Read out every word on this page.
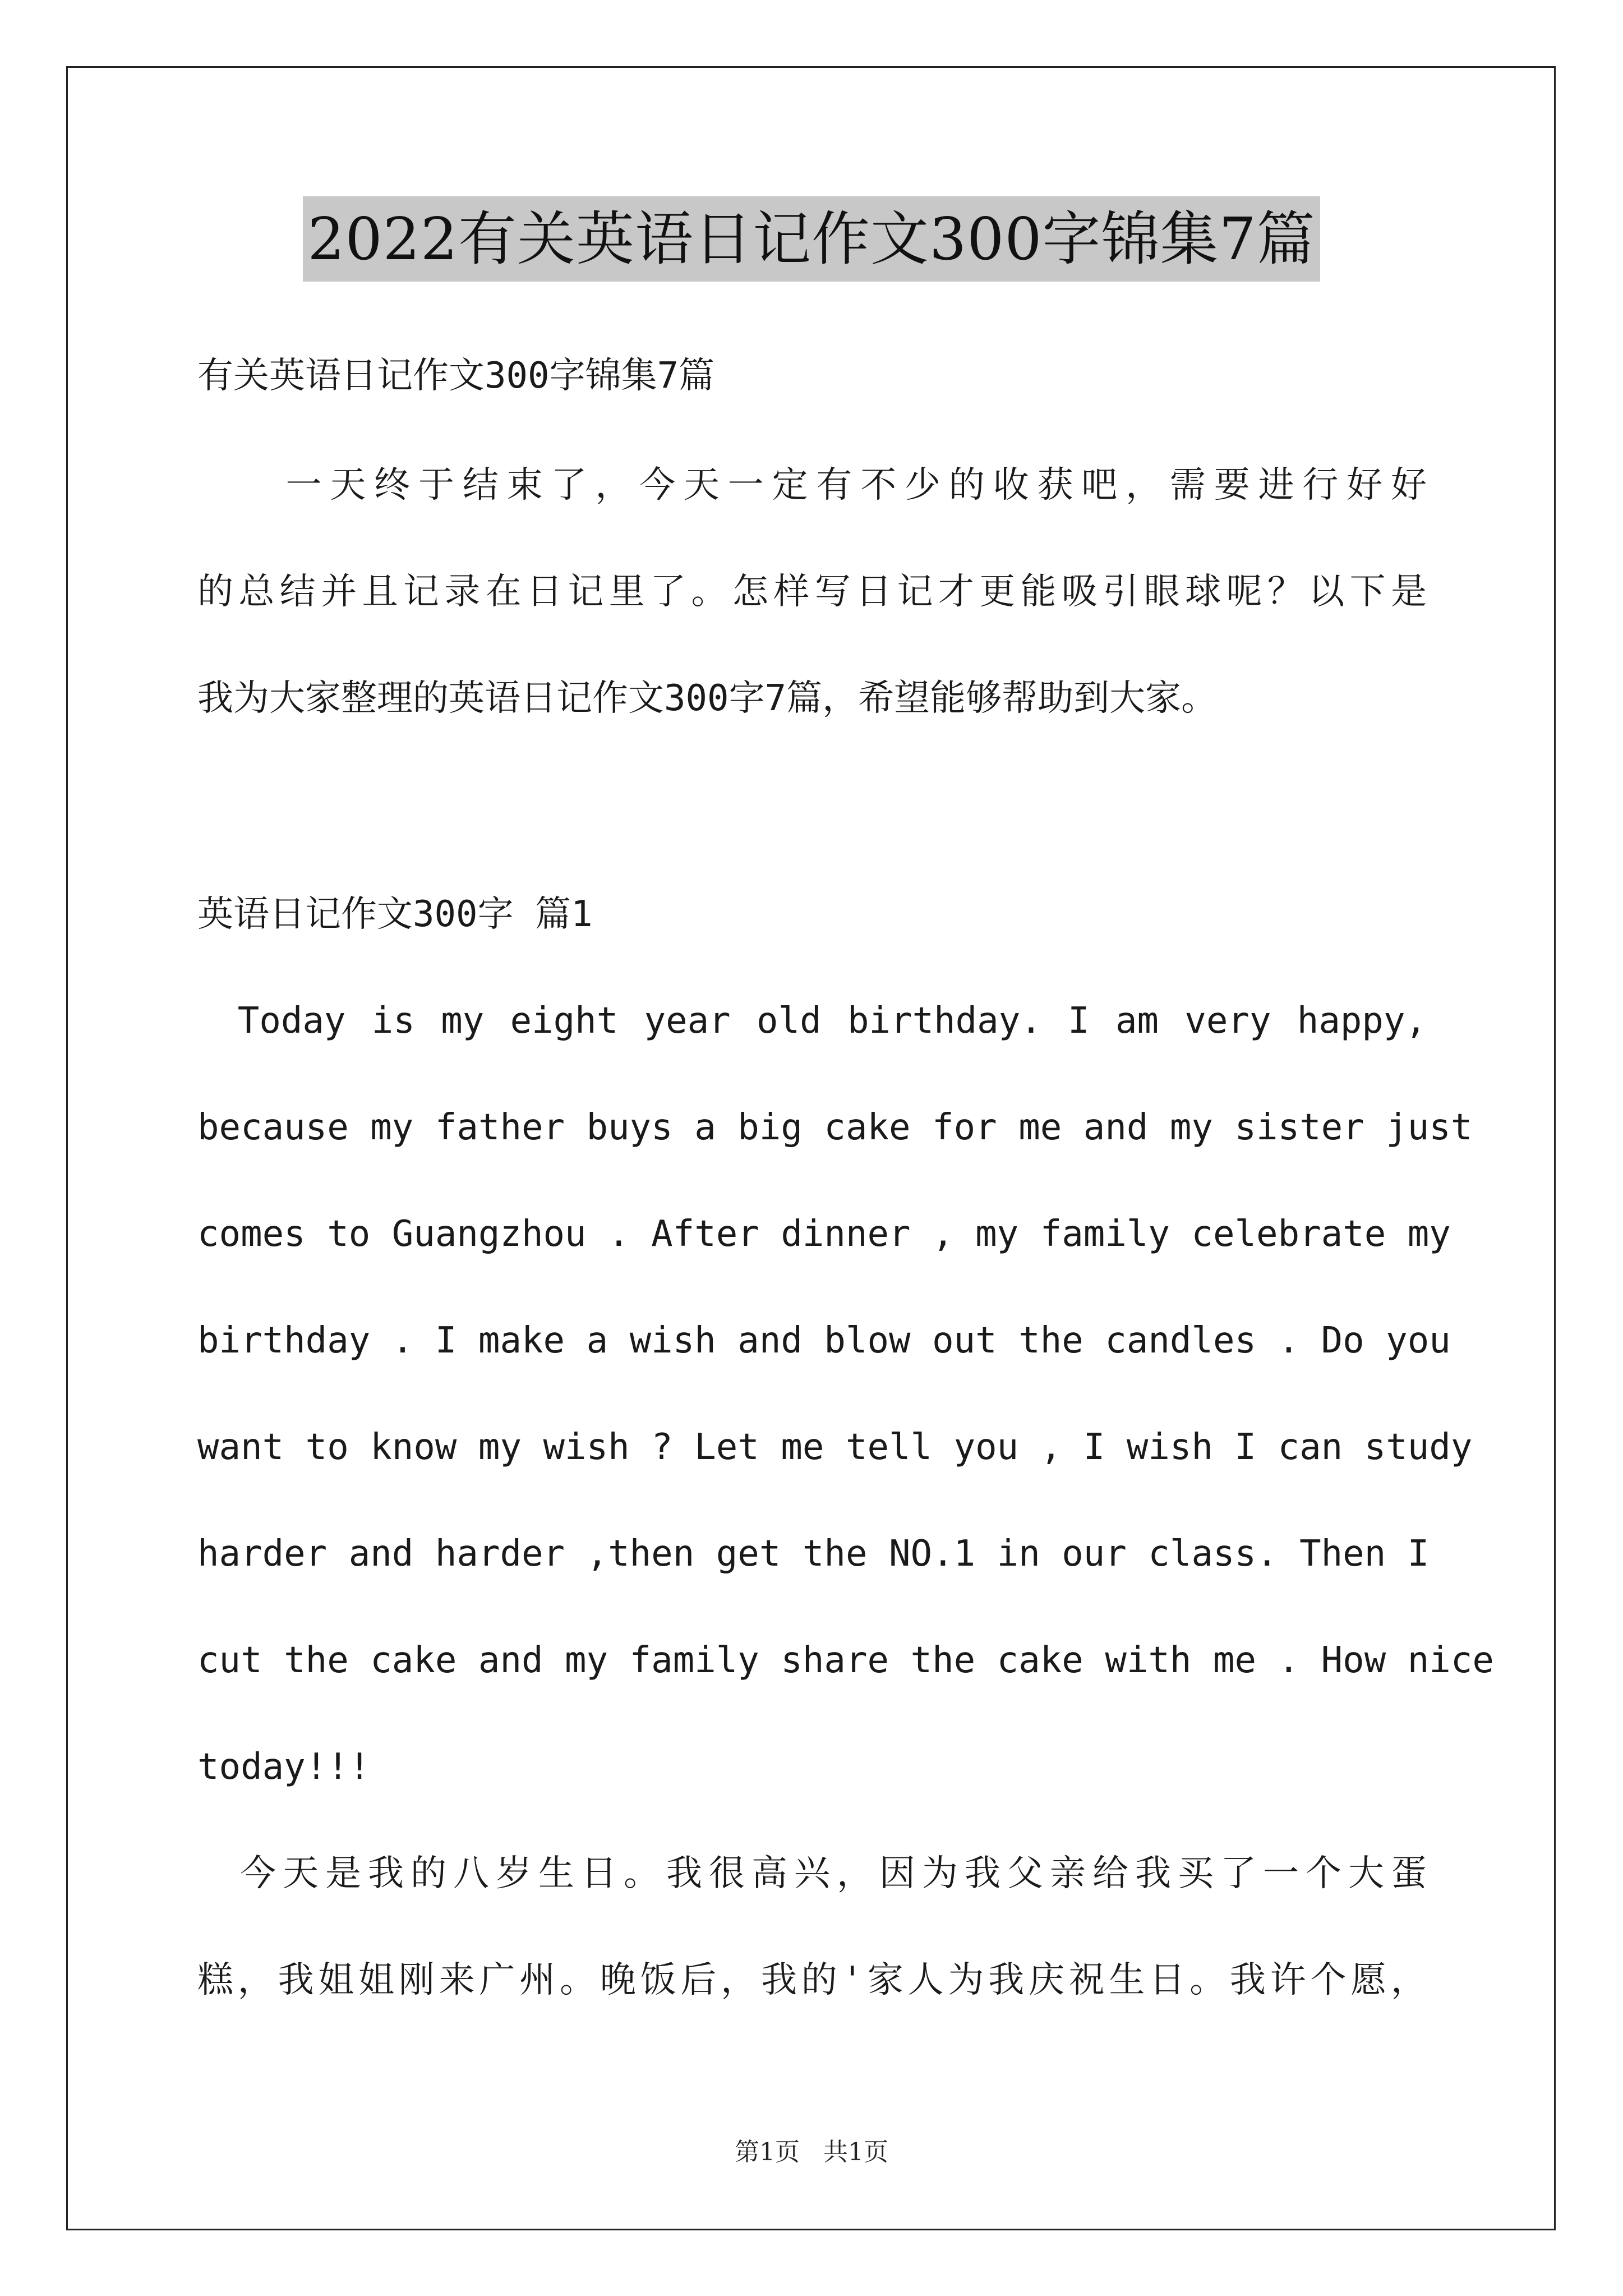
2022有关英语日记作文300字锦集7篇
有关英语日记作文300字锦集7篇
　　一天终于结束了，今天一定有不少的收获吧，需要进行好好
的总结并且记录在日记里了。怎样写日记才更能吸引眼球呢？以下是
我为大家整理的英语日记作文300字7篇，希望能够帮助到大家。
英语日记作文300字 篇1
　Today is my eight year old birthday. I am very happy,
because my father buys a big cake for me and my sister just
comes to Guangzhou . After dinner , my family celebrate my
birthday . I make a wish and blow out the candles . Do you
want to know my wish ? Let me tell you , I wish I can study
harder and harder ,then get the NO.1 in our class. Then I
cut the cake and my family share the cake with me . How nice
today!!!
　今天是我的八岁生日。我很高兴，因为我父亲给我买了一个大蛋
糕，我姐姐刚来广州。晚饭后，我的'家人为我庆祝生日。我许个愿，
第1页 共1页
